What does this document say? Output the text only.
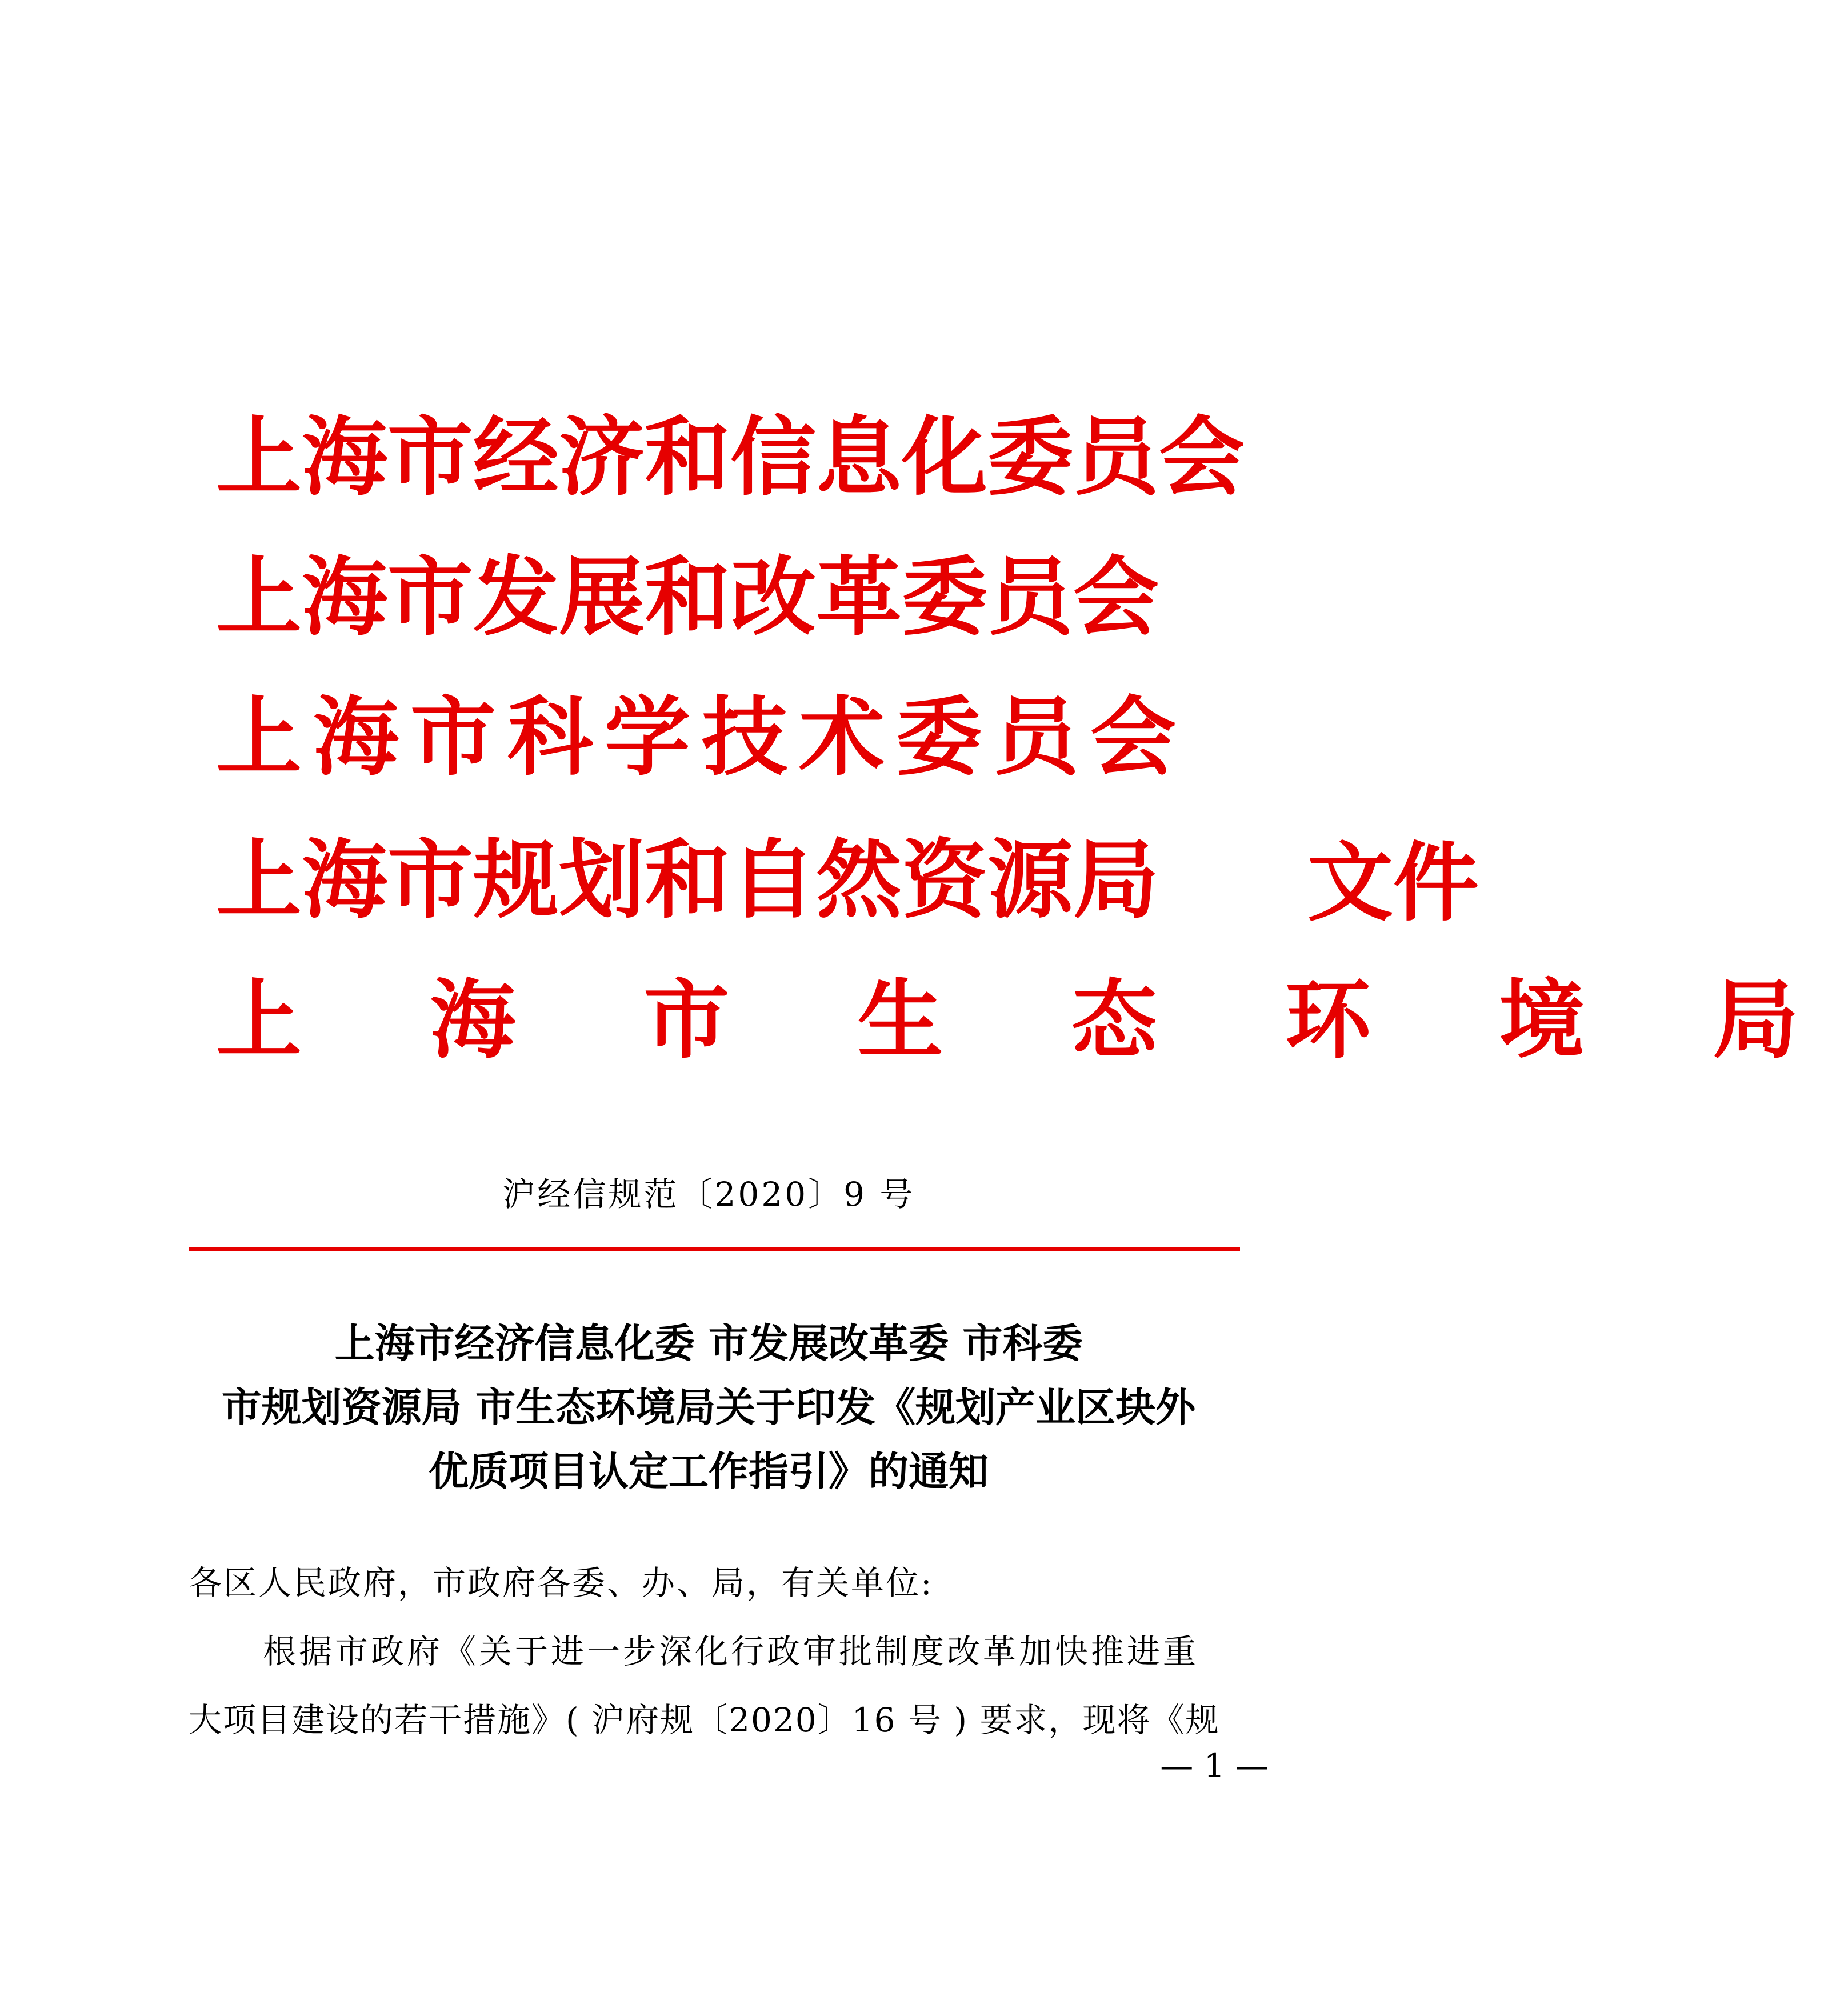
上海市经济和信息化委员会
上海市发展和改革委员会
上海市科学技术委员会
上海市规划和自然资源局
上 海 市 生 态 环 境 局
文件
沪经信规范〔2020〕9 号
上海市经济信息化委 市发展改革委 市科委
市规划资源局 市生态环境局关于印发《规划产业区块外
优质项目认定工作指引》的通知
各区人民政府，市政府各委、办、局，有关单位:
根据市政府《关于进一步深化行政审批制度改革加快推进重
大项目建设的若干措施》( 沪府规〔2020〕16 号 ) 要求，现将《规
— 1 —
